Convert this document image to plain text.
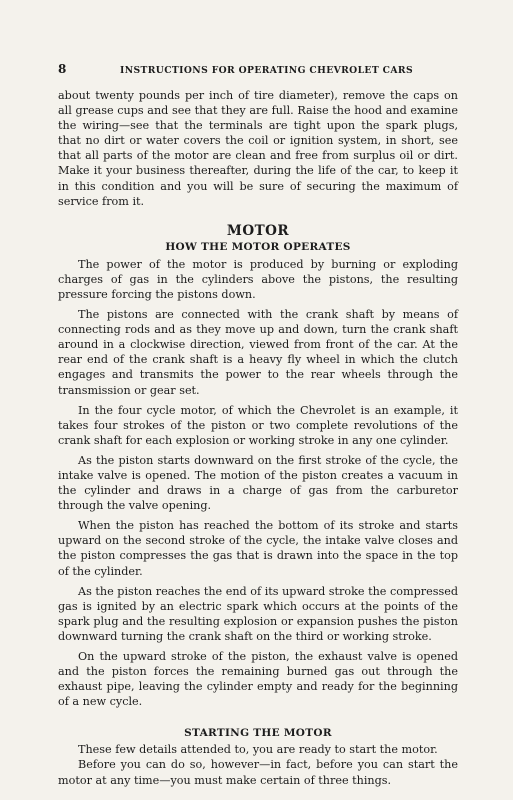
8	INSTRUCTIONS FOR OPERATING CHEVROLET CARS

about twenty pounds per inch of tire diameter), remove the caps on all grease cups and see that they are full. Raise the hood and examine the wiring—see that the terminals are tight upon the spark plugs, that no dirt or water covers the coil or ignition system, in short, see that all parts of the motor are clean and free from surplus oil or dirt. Make it your business thereafter, during the life of the car, to keep it in this condition and you will be sure of securing the maximum of service from it.

MOTOR
HOW THE MOTOR OPERATES

The power of the motor is produced by burning or exploding charges of gas in the cylinders above the pistons, the resulting pressure forcing the pistons down.

The pistons are connected with the crank shaft by means of connecting rods and as they move up and down, turn the crank shaft around in a clockwise direction, viewed from front of the car. At the rear end of the crank shaft is a heavy fly wheel in which the clutch engages and transmits the power to the rear wheels through the transmission or gear set.

In the four cycle motor, of which the Chevrolet is an example, it takes four strokes of the piston or two complete revolutions of the crank shaft for each explosion or working stroke in any one cylinder.

As the piston starts downward on the first stroke of the cycle, the intake valve is opened. The motion of the piston creates a vacuum in the cylinder and draws in a charge of gas from the carburetor through the valve opening.

When the piston has reached the bottom of its stroke and starts upward on the second stroke of the cycle, the intake valve closes and the piston compresses the gas that is drawn into the space in the top of the cylinder.

As the piston reaches the end of its upward stroke the compressed gas is ignited by an electric spark which occurs at the points of the spark plug and the resulting explosion or expansion pushes the piston downward turning the crank shaft on the third or working stroke.

On the upward stroke of the piston, the exhaust valve is opened and the piston forces the remaining burned gas out through the exhaust pipe, leaving the cylinder empty and ready for the beginning of a new cycle.

STARTING THE MOTOR

These few details attended to, you are ready to start the motor.

Before you can do so, however—in fact, before you can start the motor at any time—you must make certain of three things.
